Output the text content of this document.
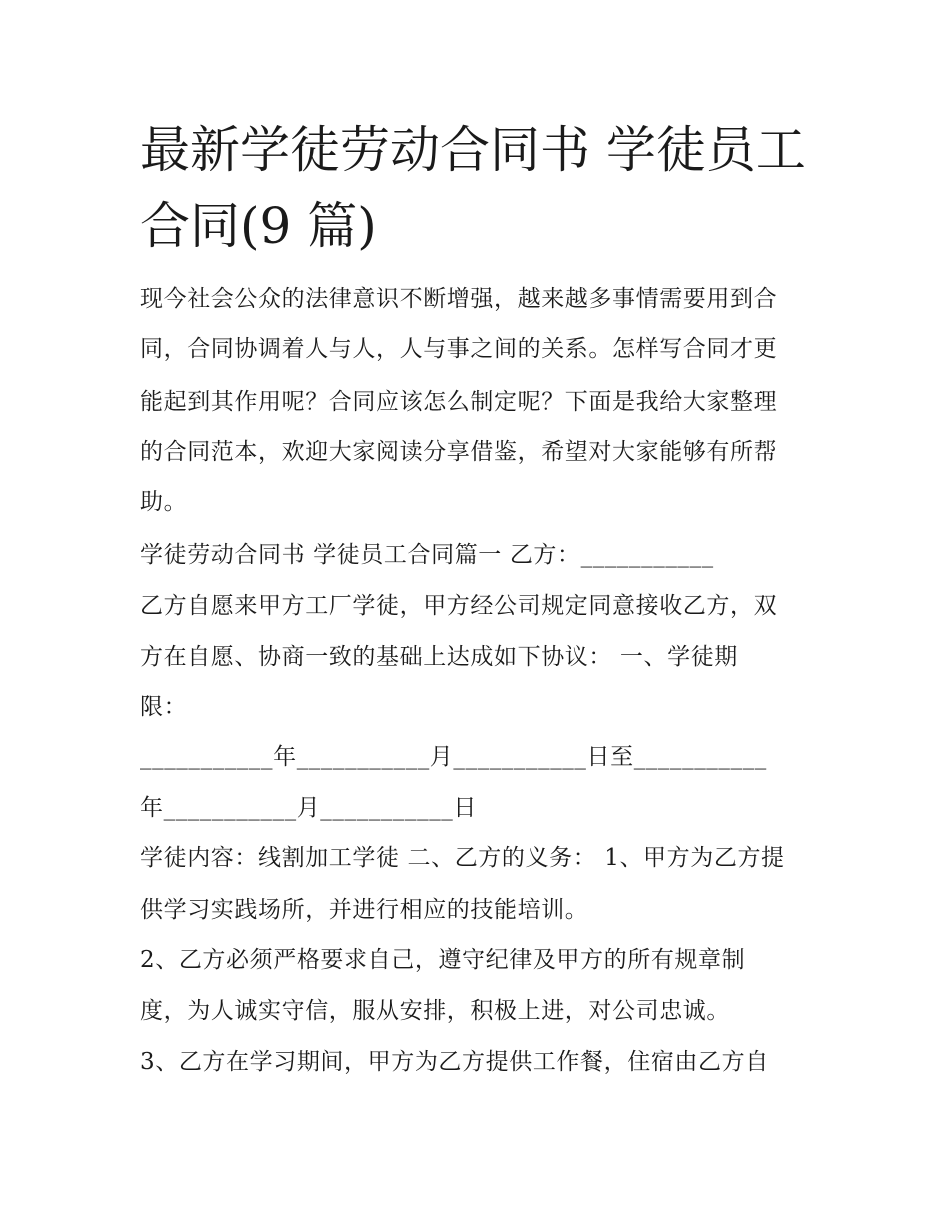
最新学徒劳动合同书 学徒员工
合同(9 篇)
现今社会公众的法律意识不断增强，越来越多事情需要用到合
同，合同协调着人与人，人与事之间的关系。怎样写合同才更
能起到其作用呢？合同应该怎么制定呢？下面是我给大家整理
的合同范本，欢迎大家阅读分享借鉴，希望对大家能够有所帮
助。
学徒劳动合同书 学徒员工合同篇一 乙方：___________
乙方自愿来甲方工厂学徒，甲方经公司规定同意接收乙方，双
方在自愿、协商一致的基础上达成如下协议： 一、学徒期
限：
___________年___________月___________日至___________
年___________月___________日
学徒内容：线割加工学徒 二、乙方的义务： 1、甲方为乙方提
供学习实践场所，并进行相应的技能培训。
2、乙方必须严格要求自己，遵守纪律及甲方的所有规章制
度，为人诚实守信，服从安排，积极上进，对公司忠诚。
3、乙方在学习期间，甲方为乙方提供工作餐，住宿由乙方自
